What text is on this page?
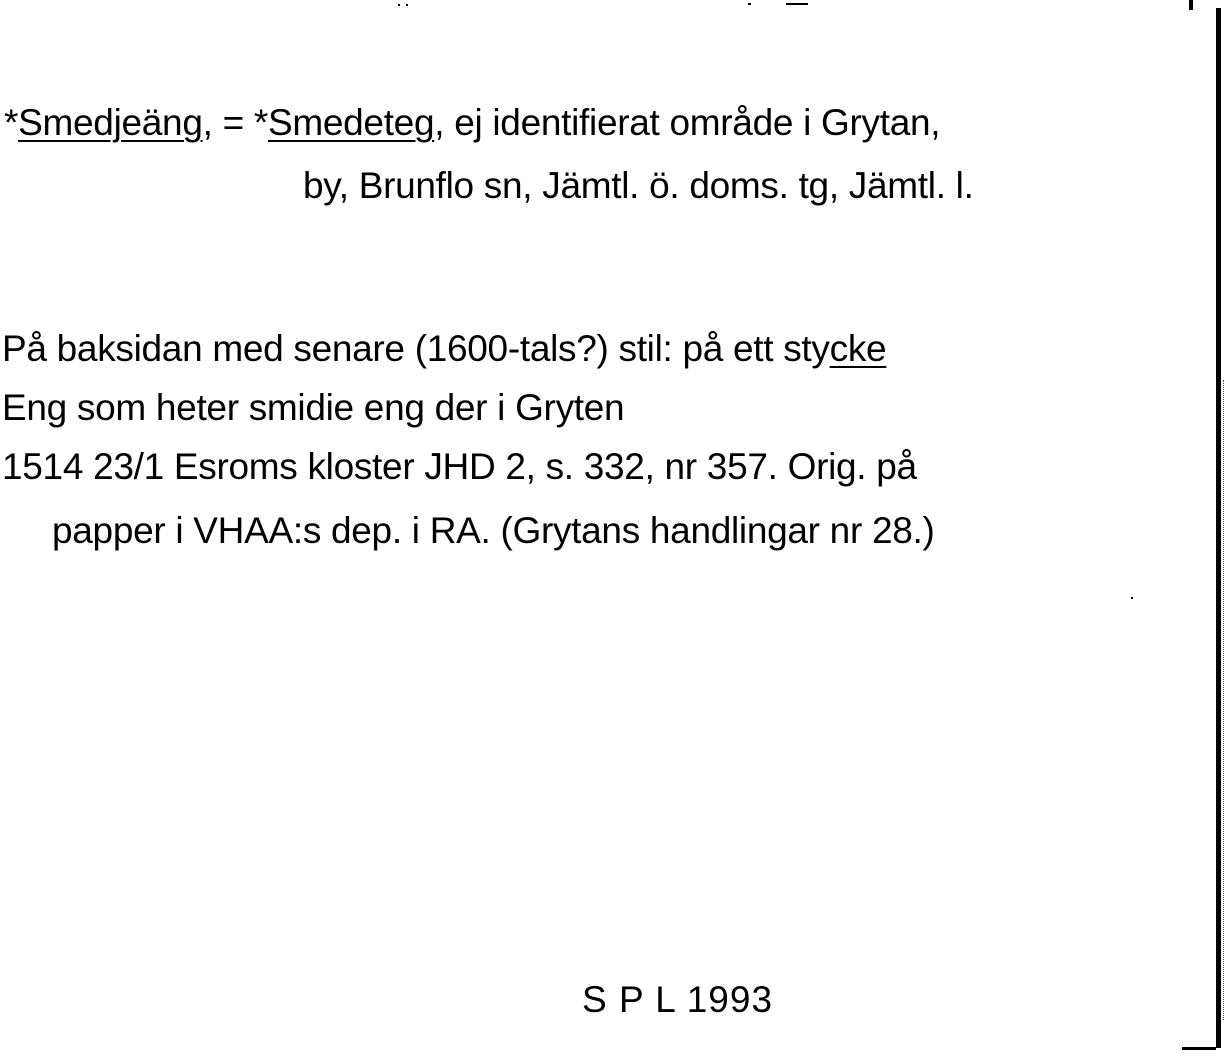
*Smedjeäng, = *Smedeteg, ej identifierat område i Grytan,
by, Brunflo sn, Jämtl. ö. doms. tg, Jämtl. l.
På baksidan med senare (1600-tals?) stil: på ett stycke
Eng som heter smidie eng der i Gryten
1514 23/1 Esroms kloster JHD 2, s. 332, nr 357. Orig. på
papper i VHAA:s dep. i RA. (Grytans handlingar nr 28.)
S P L 1993
